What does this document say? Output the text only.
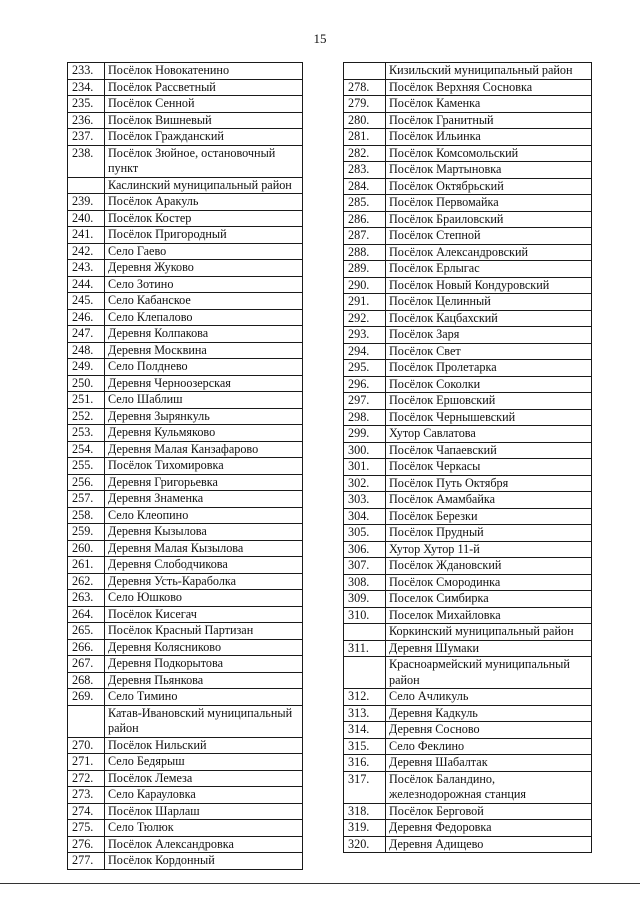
15
233.	Посёлок Новокатенино
234.	Посёлок Рассветный
235.	Посёлок Сенной
236.	Посёлок Вишневый
237.	Посёлок Гражданский
238.	Посёлок Зюйное, остановочный пункт
	Каслинский муниципальный район
239.	Посёлок Аракуль
240.	Посёлок Костер
241.	Посёлок Пригородный
242.	Село Гаево
243.	Деревня Жуково
244.	Село Зотино
245.	Село Кабанское
246.	Село Клепалово
247.	Деревня Колпакова
248.	Деревня Москвина
249.	Село Полднево
250.	Деревня Черноозерская
251.	Село Шаблиш
252.	Деревня Зырянкуль
253.	Деревня Кульмяково
254.	Деревня Малая Канзафарово
255.	Посёлок Тихомировка
256.	Деревня Григорьевка
257.	Деревня Знаменка
258.	Село Клеопино
259.	Деревня Кызылова
260.	Деревня Малая Кызылова
261.	Деревня Слободчикова
262.	Деревня Усть-Караболка
263.	Село Юшково
264.	Посёлок Кисегач
265.	Посёлок Красный Партизан
266.	Деревня Колясниково
267.	Деревня Подкорытова
268.	Деревня Пьянкова
269.	Село Тимино
	Катав-Ивановский муниципальный район
270.	Посёлок Нильский
271.	Село Бедярыш
272.	Посёлок Лемеза
273.	Село Карауловка
274.	Посёлок Шарлаш
275.	Село Тюлюк
276.	Посёлок Александровка
277.	Посёлок Кордонный
	Кизильский муниципальный район
278.	Посёлок Верхняя Сосновка
279.	Посёлок Каменка
280.	Посёлок Гранитный
281.	Посёлок Ильинка
282.	Посёлок Комсомольский
283.	Посёлок Мартыновка
284.	Посёлок Октябрьский
285.	Посёлок Первомайка
286.	Посёлок Браиловский
287.	Посёлок Степной
288.	Посёлок Александровский
289.	Посёлок Ерлыгас
290.	Посёлок Новый Кондуровский
291.	Посёлок Целинный
292.	Посёлок Кацбахский
293.	Посёлок Заря
294.	Посёлок Свет
295.	Посёлок Пролетарка
296.	Посёлок Соколки
297.	Посёлок Ершовский
298.	Посёлок Чернышевский
299.	Хутор Савлатова
300.	Посёлок Чапаевский
301.	Посёлок Черкасы
302.	Посёлок Путь Октября
303.	Посёлок Амамбайка
304.	Посёлок Березки
305.	Посёлок Прудный
306.	Хутор Хутор 11-й
307.	Посёлок Ждановский
308.	Посёлок Смородинка
309.	Поселок Симбирка
310.	Поселок Михайловка
	Коркинский муниципальный район
311.	Деревня Шумаки
	Красноармейский муниципальный район
312.	Село Ачликуль
313.	Деревня Кадкуль
314.	Деревня Сосново
315.	Село Феклино
316.	Деревня Шабалтак
317.	Посёлок Баландино, железнодорожная станция
318.	Посёлок Берговой
319.	Деревня Федоровка
320.	Деревня Адищево
